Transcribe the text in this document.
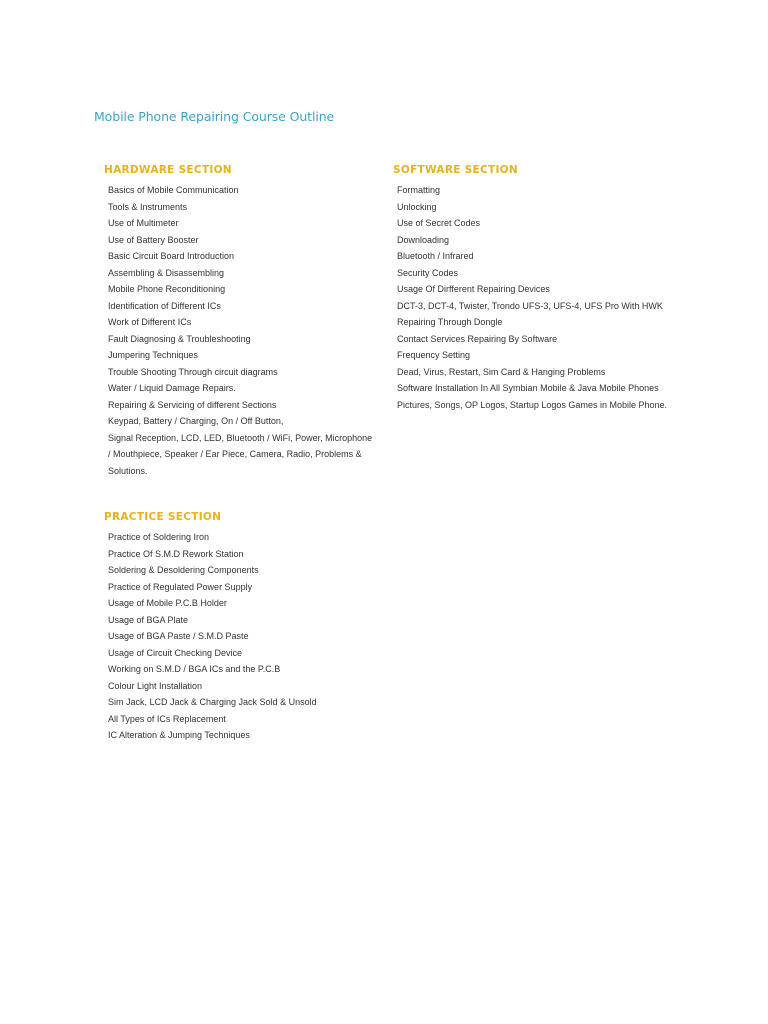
Mobile Phone Repairing Course Outline
HARDWARE SECTION
Basics of Mobile Communication
Tools & Instruments
Use of Multimeter
Use of Battery Booster
Basic Circuit Board Introduction
Assembling & Disassembling
Mobile Phone Reconditioning
Identification of Different ICs
Work of Different ICs
Fault Diagnosing & Troubleshooting
Jumpering Techniques
Trouble Shooting Through circuit diagrams
Water / Liquid Damage Repairs.
Repairing & Servicing of different Sections
Keypad, Battery / Charging, On / Off Button,
Signal Reception, LCD, LED, Bluetooth / WiFi, Power, Microphone
/ Mouthpiece, Speaker / Ear Piece, Camera, Radio, Problems &
Solutions.
SOFTWARE SECTION
Formatting
Unlocking
Use of Secret Codes
Downloading
Bluetooth / Infrared
Security Codes
Usage Of Dirfferent Repairing Devices
DCT-3, DCT-4, Twister, Trondo UFS-3, UFS-4, UFS Pro With HWK
Repairing Through Dongle
Contact Services Repairing By Software
Frequency Setting
Dead, Virus, Restart, Sim Card & Hanging Problems
Software Installation In All Symbian Mobile & Java Mobile Phones
Pictures, Songs, OP Logos, Startup Logos Games in Mobile Phone.
PRACTICE SECTION
Practice of Soldering Iron
Practice Of S.M.D Rework Station
Soldering & Desoldering Components
Practice of Regulated Power Supply
Usage of Mobile P.C.B Holder
Usage of BGA Plate
Usage of BGA Paste / S.M.D Paste
Usage of Circuit Checking Device
Working on S.M.D / BGA ICs and the P.C.B
Colour Light Installation
Sim Jack, LCD Jack & Charging Jack Sold & Unsold
All Types of ICs Replacement
IC Alteration & Jumping Techniques
